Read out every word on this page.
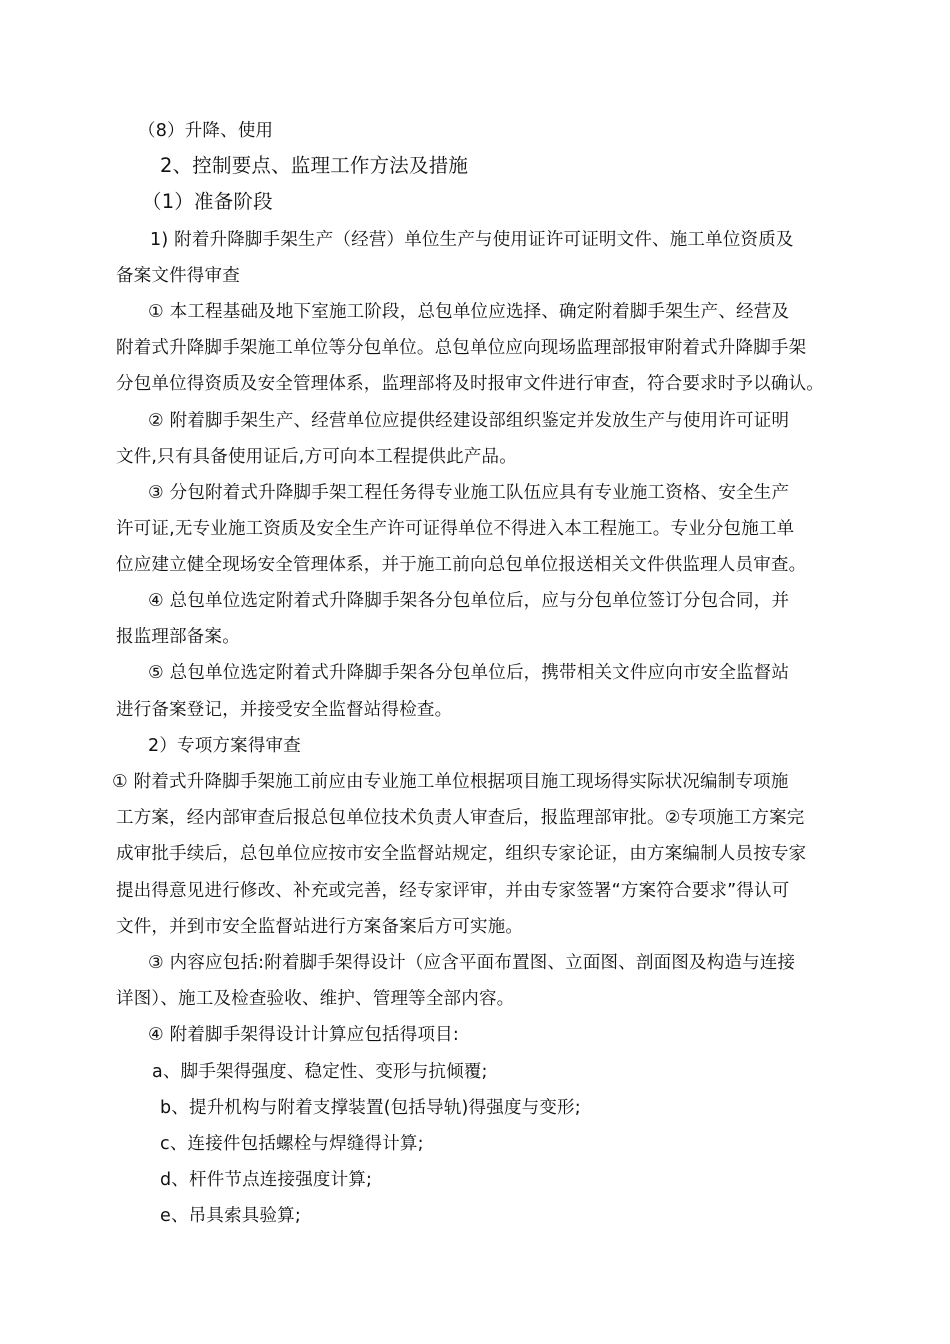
（8）升降、使用
2、控制要点、监理工作方法及措施
（1）准备阶段
1) 附着升降脚手架生产（经营）单位生产与使用证许可证明文件、施工单位资质及
备案文件得审查
① 本工程基础及地下室施工阶段，总包单位应选择、确定附着脚手架生产、经营及
附着式升降脚手架施工单位等分包单位。总包单位应向现场监理部报审附着式升降脚手架
分包单位得资质及安全管理体系，监理部将及时报审文件进行审查，符合要求时予以确认。
② 附着脚手架生产、经营单位应提供经建设部组织鉴定并发放生产与使用许可证明
文件,只有具备使用证后,方可向本工程提供此产品。
③ 分包附着式升降脚手架工程任务得专业施工队伍应具有专业施工资格、安全生产
许可证,无专业施工资质及安全生产许可证得单位不得进入本工程施工。专业分包施工单
位应建立健全现场安全管理体系，并于施工前向总包单位报送相关文件供监理人员审查。
④ 总包单位选定附着式升降脚手架各分包单位后，应与分包单位签订分包合同，并
报监理部备案。
⑤ 总包单位选定附着式升降脚手架各分包单位后，携带相关文件应向市安全监督站
进行备案登记，并接受安全监督站得检查。
2）专项方案得审查
① 附着式升降脚手架施工前应由专业施工单位根据项目施工现场得实际状况编制专项施
工方案，经内部审查后报总包单位技术负责人审查后，报监理部审批。②专项施工方案完
成审批手续后，总包单位应按市安全监督站规定，组织专家论证，由方案编制人员按专家
提出得意见进行修改、补充或完善，经专家评审，并由专家签署“方案符合要求”得认可
文件，并到市安全监督站进行方案备案后方可实施。
③ 内容应包括:附着脚手架得设计（应含平面布置图、立面图、剖面图及构造与连接
详图）、施工及检查验收、维护、管理等全部内容。
④ 附着脚手架得设计计算应包括得项目:
a、脚手架得强度、稳定性、变形与抗倾覆;
b、提升机构与附着支撑装置(包括导轨)得强度与变形;
c、连接件包括螺栓与焊缝得计算;
d、杆件节点连接强度计算;
e、吊具索具验算;
